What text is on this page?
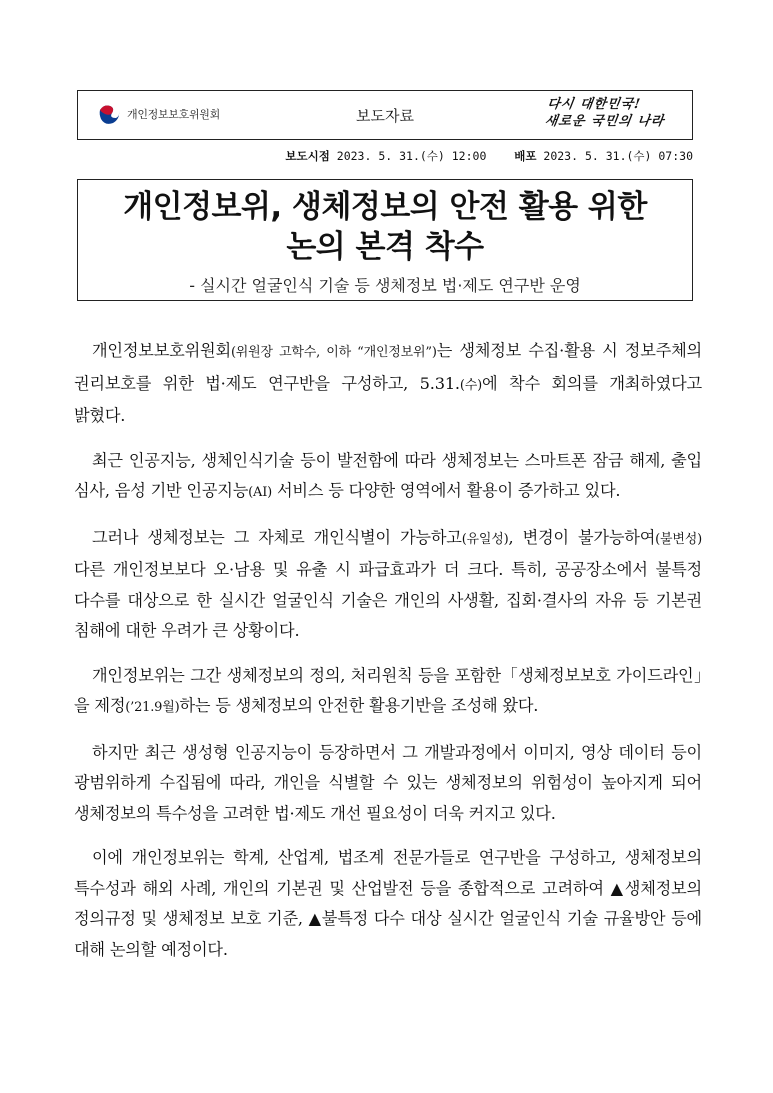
개인정보보호위원회	보도자료
다시 대한민국!
새로운 국민의 나라
보도시점 2023. 5. 31.(수) 12:00 배포 2023. 5. 31.(수) 07:30
개인정보위, 생체정보의 안전 활용 위한
논의 본격 착수
- 실시간 얼굴인식 기술 등 생체정보 법·제도 연구반 운영

개인정보보호위원회(위원장 고학수, 이하 “개인정보위”)는 생체정보 수집·활용 시 정보주체의 권리보호를 위한 법·제도 연구반을 구성하고, 5.31.(수)에 착수 회의를 개최하였다고 밝혔다.

최근 인공지능, 생체인식기술 등이 발전함에 따라 생체정보는 스마트폰 잠금 해제, 출입 심사, 음성 기반 인공지능(AI) 서비스 등 다양한 영역에서 활용이 증가하고 있다.

그러나 생체정보는 그 자체로 개인식별이 가능하고(유일성), 변경이 불가능하여(불변성) 다른 개인정보보다 오·남용 및 유출 시 파급효과가 더 크다. 특히, 공공장소에서 불특정 다수를 대상으로 한 실시간 얼굴인식 기술은 개인의 사생활, 집회·결사의 자유 등 기본권 침해에 대한 우려가 큰 상황이다.

개인정보위는 그간 생체정보의 정의, 처리원칙 등을 포함한「생체정보보호 가이드라인」을 제정(’21.9월)하는 등 생체정보의 안전한 활용기반을 조성해 왔다.

하지만 최근 생성형 인공지능이 등장하면서 그 개발과정에서 이미지, 영상 데이터 등이 광범위하게 수집됨에 따라, 개인을 식별할 수 있는 생체정보의 위험성이 높아지게 되어 생체정보의 특수성을 고려한 법·제도 개선 필요성이 더욱 커지고 있다.

이에 개인정보위는 학계, 산업계, 법조계 전문가들로 연구반을 구성하고, 생체정보의 특수성과 해외 사례, 개인의 기본권 및 산업발전 등을 종합적으로 고려하여 ▲생체정보의 정의규정 및 생체정보 보호 기준, ▲불특정 다수 대상 실시간 얼굴인식 기술 규율방안 등에 대해 논의할 예정이다.
